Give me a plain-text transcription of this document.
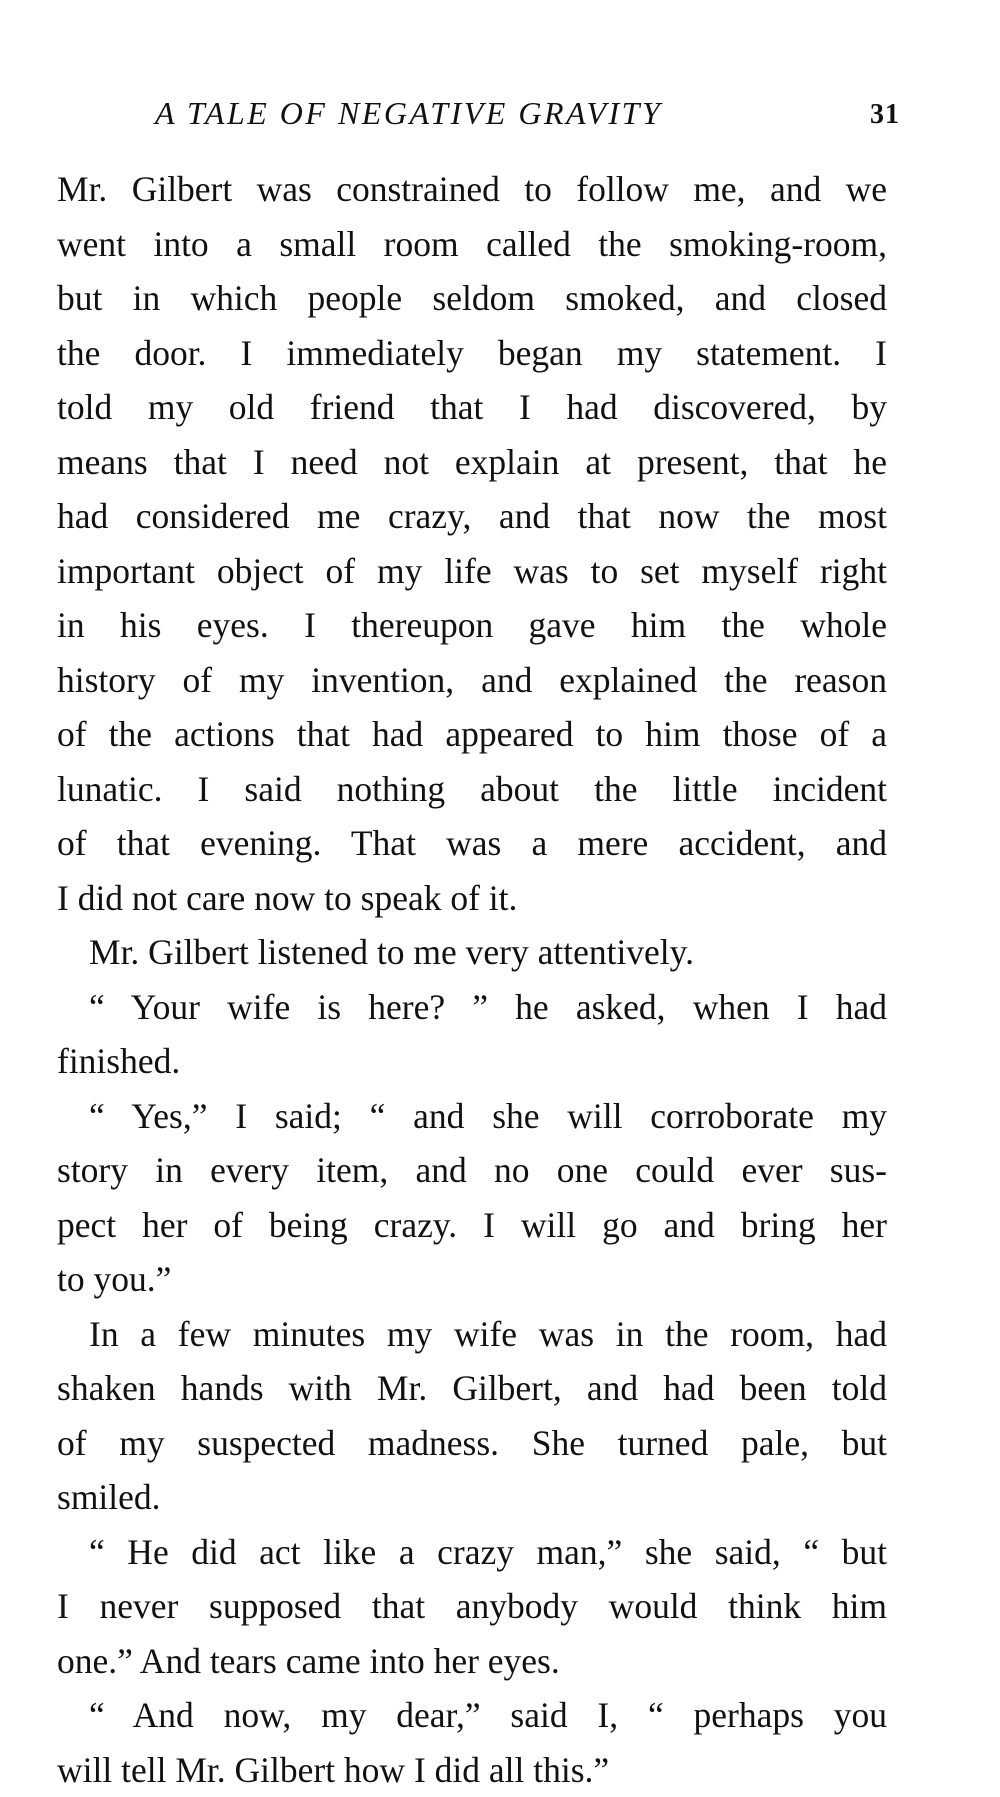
A TALE OF NEGATIVE GRAVITY	31
Mr. Gilbert was constrained to follow me, and we
went into a small room called the smoking-room,
but in which people seldom smoked, and closed
the door. I immediately began my statement. I
told my old friend that I had discovered, by
means that I need not explain at present, that he
had considered me crazy, and that now the most
important object of my life was to set myself right
in his eyes. I thereupon gave him the whole
history of my invention, and explained the reason
of the actions that had appeared to him those of a
lunatic. I said nothing about the little incident
of that evening. That was a mere accident, and
I did not care now to speak of it.
Mr. Gilbert listened to me very attentively.
“ Your wife is here? ” he asked, when I had
finished.
“ Yes,” I said; “ and she will corroborate my
story in every item, and no one could ever sus-
pect her of being crazy. I will go and bring her
to you.”
In a few minutes my wife was in the room, had
shaken hands with Mr. Gilbert, and had been told
of my suspected madness. She turned pale, but
smiled.
“ He did act like a crazy man,” she said, “ but
I never supposed that anybody would think him
one.” And tears came into her eyes.
“ And now, my dear,” said I, “ perhaps you
will tell Mr. Gilbert how I did all this.”
